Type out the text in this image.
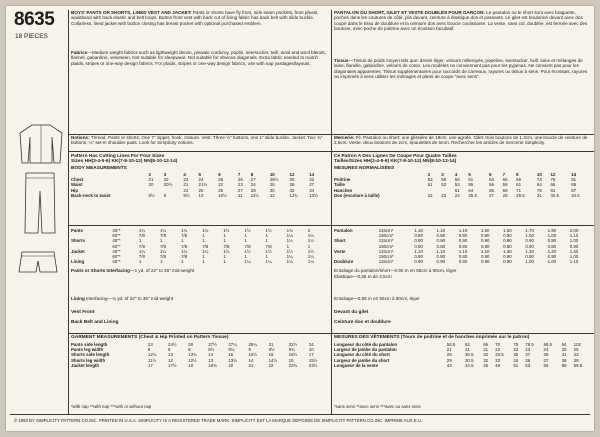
8635
18 PIECES
BOYS' PANTS OR SHORTS, LINED VEST AND JACKET: Pants or shorts have fly front, side seam pockets, front pleats, waistband with back elastic and belt loops. Button front vest with back cut of lining fabric has back belt with slide buckle. Collarless, lined jacket with button closing has breast pocket with optional purchased emblem.
Fabrics—Medium weight fabrics such as lightweight denim, pinwale corduroy, poplin, seersucker, twill, wool and wool blends, flannel, gabardine, velveteen. Not suitable for sleepwear. Not suitable for obvious diagonals. Extra fabric needed to match plaids, stripes or one-way design fabrics. For plaids, stripes or one-way design fabrics, use with nap yardages/layouts.
Notions: Thread. Pants or shorts: One 7" zipper, hook, closure. Vest: Three ½" buttons, one 1" slide buckle. Jacket: Two ¾" buttons, ¼" set-in shoulder pads. Look for Simplicity notions.
Pattern Has Cutting Lines For Four Sizes
Sizes HH(3-4-5-6) KK(7-8-10-12) NN(8-10-12-14)
BODY MEASUREMENTS
	2	3	4	5	6	7	8	10	12	14
Chest	21	22	23	24	25	26	27	28½	30	32
Waist	20	20½	21	21½	22	23	24	25	26	27
Hip			24	25	26	27	28	30	32	34
Back-neck to waist	8½	9	9½	10	10½	11	11½	12	12¾	13½
Pants	45"*	1¼	1¼	1¼	1¼	1½	1½	1½	1¾	2
	60"*	7/8	7/8	7/8	1	1	1	1	1¼	1¼
Shorts	45"*	1	1	1	1	1	1	1	1¼	1¼
	60"*	7/8	7/8	7/8	7/8	7/8	7/8	7/8	1	1
Jacket	45"*	1¼	1¼	1¼	1¼	1½	1½	1½	1½	1½
	60"*	7/8	7/8	7/8	1	1	1	1	1¼	1¼
Lining	45"*	1	1	1	1	1	1¼	1¼	1¼	1¼
Pants or Shorts Interfacing—1 yd. of 22" to 36" mid-weight
Lining Interfacing—¾ yd. of 22" to 36" mid-weight
Vest Front
Back Belt and Lining
GARMENT MEASUREMENTS (Chest & Hip Printed on Pattern Tissue)
Pants side length	23	24½	26	27½	27¼	29¼	31	32½	34
Pants leg width	8	8	8	8½	8¾	9	9½	9¾	10
Shorts side length	12¾	13	13¾	14	15	15½	16	16½	17
Shorts leg width	11½	12	12½	13	13½	14	14½	15	15½
Jacket length	17	17½	18	18¾	20	21	22	22¾	23½
*with nap **with nap ***with or without nap
PANTALON OU SHORT, GILET ET VESTE DOUBLÉS POUR GARÇON: Le pantalon ou le short sont avec braguette, poches dans les coutures de côté, plis devant, ceinture à élastique dos et passants. Le gilet est boutonné devant avec dos coupé dans le tissu de doublure et la ceinture dos avec boucle coulissante. La veste, sans col, doublée, est fermée avec des boutons, avec poche de poitrine avec un écusson facultatif.
Tissus—Tissus de poids moyen tels que: denim léger, velours millerayés, popeline, seersucker, twill, laine et mélanges de laine, flanelle, gabardine, velours de coton. Les modèles ne conviennent pas pour les pyjamas. Ne convient pas pour les diagonales apparentes. Tissus supplémentaires pour raccords de carreaux, rayures ou tissus à sens. Pour écossais, rayures ou imprimés à sens utiliser les métrages et plans de coupe "avec sens".
Mercerie: Fil. Pantalon ou short: une glissière de 18cm, une agrafe. Gilet: trois boutons de 1,3cm, une boucle de ceinture de 2,5cm. Veste: deux boutons de 2cm, épaulettes de 6mm. Rechercher les articles de mercerie Simplicity.
Ce Patron A Des Lignes De Coupe Pour Quatre Tailles
Tailles/Sizes HH(3-4-5-6) KK(7-8-10-12) NN(8-10-12-14)
MESURES NORMALISÉES
	2	3	4	5	6	7	8	10	12	14
Poitrine	53	56	58	61	64	66	69	73	76	81
Taille	51	52	53	55	56	58	61	64	66	69
Hanches			61	64	66	69	71	76	81	87
Dos (encolure à taille)	22	23	24	25.5	27	28	29.5	31	32.5	34.5
Pantalon	115cm*	1.10	1.10	1.10	1.50	1.60	1.70	1.90	2.00
	150cm*	0.80	0.80	0.80	0.90	0.90	1.00	1.00	1.10
Short	115cm*	0.90	0.90	0.90	0.90	0.90	0.90	0.90	1.00
	150cm*	0.80	0.80	0.80	0.80	0.80	0.80	0.80	0.90
Veste	115cm*	1.10	1.10	1.10	1.10	1.30	1.30	1.40	1.40
	150cm*	0.80	0.80	0.80	0.90	0.90	0.90	0.90	1.00
Doublure	115cm*	0.90	0.90	0.90	0.90	0.90	1.00	1.00	1.10
Entoilage du pantalon/short—0,90 m en 55cm à 90cm, léger
Elastique—0,55 m de 2,5cm
Entoilage—0,55 m en 55cm à 90cm, léger
Devant du gilet
Ceinture dos et doublure
MESURES DES VÊTEMENTS (Tours de poitrine et de hanches imprimés sur le patron)
Longueur du côté du pantalon	58.5	62	66	70	75	78.5	86.5	94	102
Largeur de jambe du pantalon	21	21	21	22	22	23	24	25	25
Longueur du côté du short	29	30.5	32	33.5	35	37	39	41	43
Largeur de jambe du short	29	30.5	32	33	34	36	37	38	39
Longueur de la veste	43	44.5	46	48	51	53	56	58	59.5
*sans sens **avec sens ***avec ou sans sens
© 1993 BY SIMPLICITY PATTERN CO.INC. PRINTED IN U.S.A. SIMPLICITY IS A REGISTERED TRADE MARK. SIMPLICITY EST LA MARQUE DEPOSEE DE SIMPLICITY PATTERN CO.INC. IMPRIME AUX E.U.
